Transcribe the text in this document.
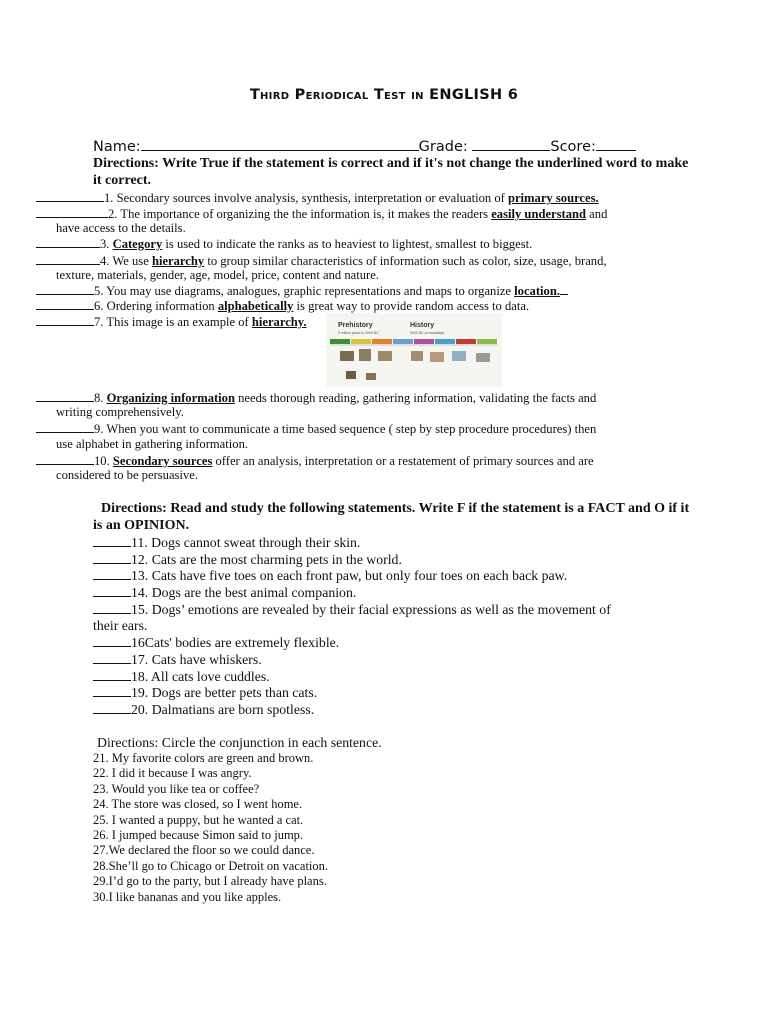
Third Periodical Test in ENGLISH 6
Name:	Grade:	Score:
Directions: Write True if the statement is correct and if it's not change the underlined word to make it correct.
1. Secondary sources involve analysis, synthesis, interpretation or evaluation of primary sources.
2. The importance of organizing the the information is, it makes the readers easily understand and
have access to the details.
3. Category is used to indicate the ranks as to heaviest to lightest, smallest to biggest.
4. We use hierarchy to group similar characteristics of information such as color, size, usage, brand,
texture, materials, gender, age, model, price, content and nature.
5. You may use diagrams, analogues, graphic representations and maps to organize location.
6. Ordering information alphabetically is great way to provide random access to data.
7. This image is an example of hierarchy.
8. Organizing information needs thorough reading, gathering information, validating the facts and
writing comprehensively.
9. When you want to communicate a time based sequence ( step by step procedure procedures) then
use alphabet in gathering information.
10. Secondary sources offer an analysis, interpretation or a restatement of primary sources and are
considered to be persuasive.
Prehistory
5 million years to 3000 BC
History
3000 BC to nowadays
Directions: Read and study the following statements. Write F if the statement is a FACT and O if it is an OPINION.
11. Dogs cannot sweat through their skin.
12. Cats are the most charming pets in the world.
13. Cats have five toes on each front paw, but only four toes on each back paw.
14. Dogs are the best animal companion.
15. Dogs’ emotions are revealed by their facial expressions as well as the movement of
their ears.
16Cats' bodies are extremely flexible.
17. Cats have whiskers.
18. All cats love cuddles.
19. Dogs are better pets than cats.
20. Dalmatians are born spotless.
Directions: Circle the conjunction in each sentence.
21. My favorite colors are green and brown.
22. I did it because I was angry.
23. Would you like tea or coffee?
24. The store was closed, so I went home.
25. I wanted a puppy, but he wanted a cat.
26. I jumped because Simon said to jump.
27.We declared the floor so we could dance.
28.She’ll go to Chicago or Detroit on vacation.
29.I’d go to the party, but I already have plans.
30.I like bananas and you like apples.
